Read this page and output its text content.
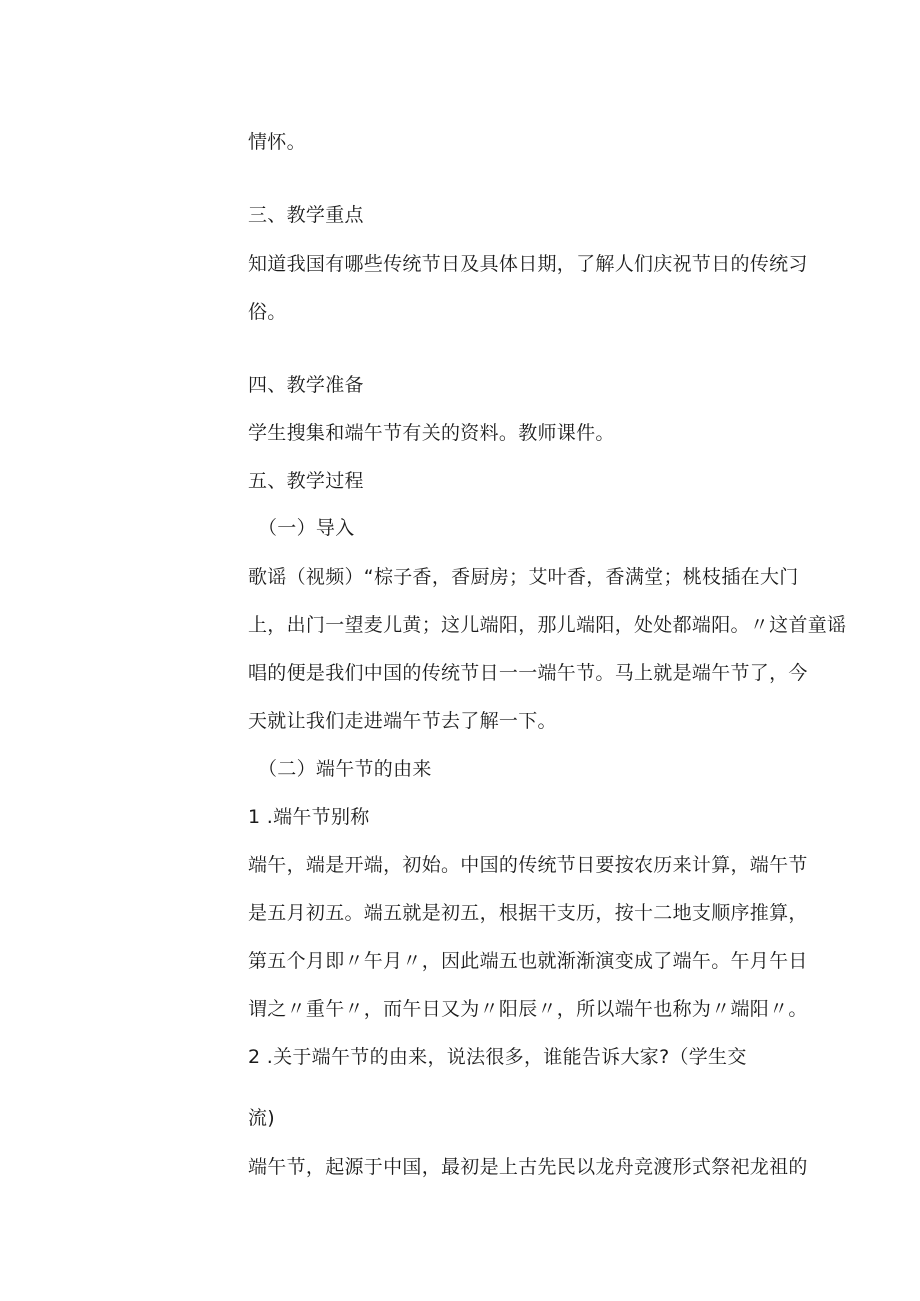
情怀。
三、教学重点
知道我国有哪些传统节日及具体日期，了解人们庆祝节日的传统习
俗。
四、教学准备
学生搜集和端午节有关的资料。教师课件。
五、教学过程
（一）导入
歌谣（视频）“棕子香，香厨房；艾叶香，香满堂；桃枝插在大门
上，出门一望麦儿黄；这儿端阳，那儿端阳，处处都端阳。〃这首童谣
唱的便是我们中国的传统节日一一端午节。马上就是端午节了，今
天就让我们走进端午节去了解一下。
（二）端午节的由来
1 .端午节别称
端午，端是开端，初始。中国的传统节日要按农历来计算，端午节
是五月初五。端五就是初五，根据干支历，按十二地支顺序推算，
第五个月即〃午月〃，因此端五也就渐渐演变成了端午。午月午日
谓之〃重午〃，而午日又为〃阳辰〃，所以端午也称为〃端阳〃。
2 .关于端午节的由来，说法很多，谁能告诉大家?（学生交
流)
端午节，起源于中国，最初是上古先民以龙舟竞渡形式祭祀龙祖的
